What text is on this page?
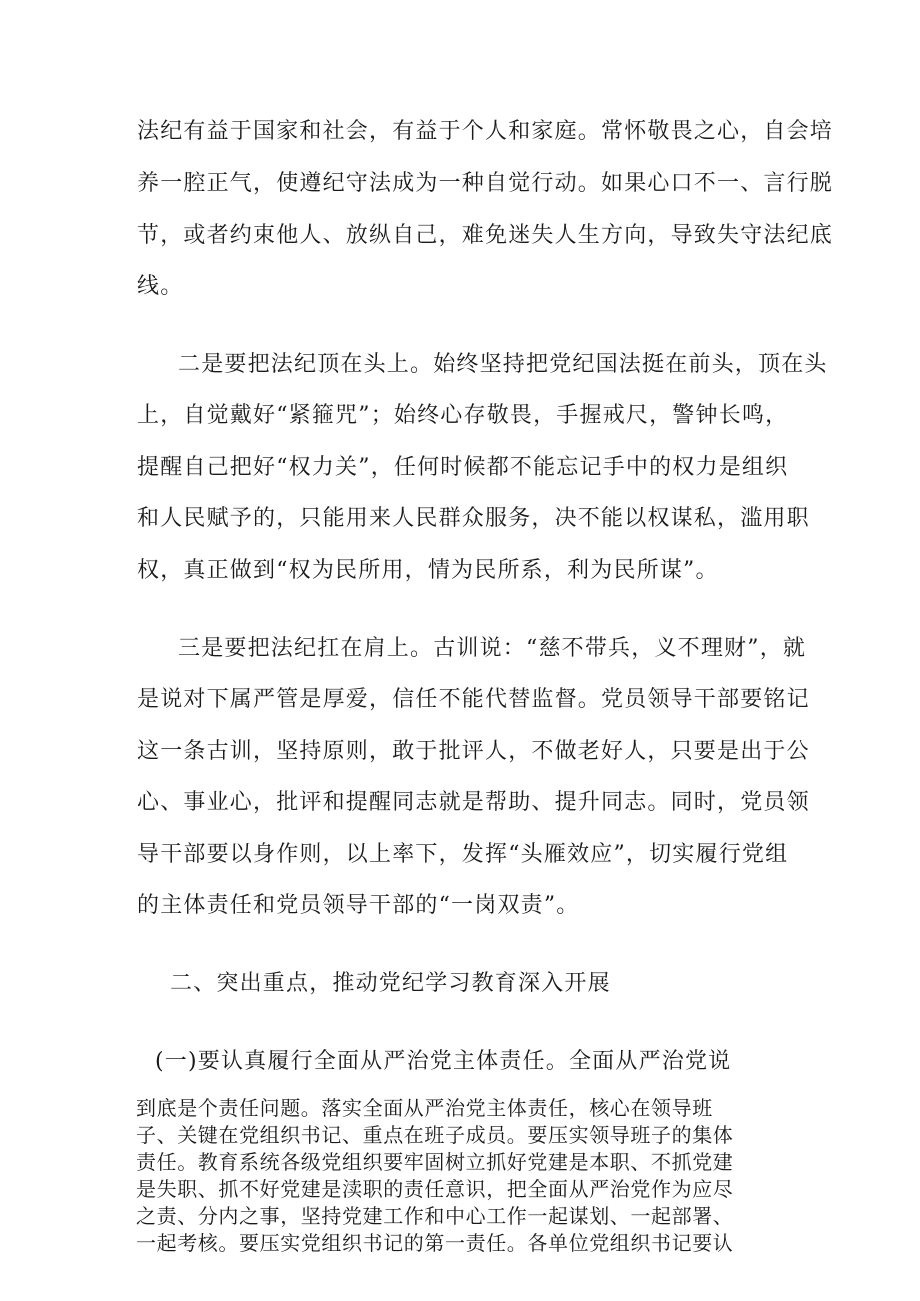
法纪有益于国家和社会，有益于个人和家庭。常怀敬畏之心，自会培
养一腔正气，使遵纪守法成为一种自觉行动。如果心口不一、言行脱
节，或者约束他人、放纵自己，难免迷失人生方向，导致失守法纪底
线。
二是要把法纪顶在头上。始终坚持把党纪国法挺在前头，顶在头
上，自觉戴好“紧箍咒”；始终心存敬畏，手握戒尺，警钟长鸣，
提醒自己把好“权力关”，任何时候都不能忘记手中的权力是组织
和人民赋予的，只能用来人民群众服务，决不能以权谋私，滥用职
权，真正做到“权为民所用，情为民所系，利为民所谋”。
三是要把法纪扛在肩上。古训说：“慈不带兵，义不理财”，就
是说对下属严管是厚爱，信任不能代替监督。党员领导干部要铭记
这一条古训，坚持原则，敢于批评人，不做老好人，只要是出于公
心、事业心，批评和提醒同志就是帮助、提升同志。同时，党员领
导干部要以身作则，以上率下，发挥“头雁效应”，切实履行党组
的主体责任和党员领导干部的“一岗双责”。
二、突出重点，推动党纪学习教育深入开展
(一)要认真履行全面从严治党主体责任。全面从严治党说
到底是个责任问题。落实全面从严治党主体责任，核心在领导班
子、关键在党组织书记、重点在班子成员。要压实领导班子的集体
责任。教育系统各级党组织要牢固树立抓好党建是本职、不抓党建
是失职、抓不好党建是渎职的责任意识，把全面从严治党作为应尽
之责、分内之事，坚持党建工作和中心工作一起谋划、一起部署、
一起考核。要压实党组织书记的第一责任。各单位党组织书记要认
